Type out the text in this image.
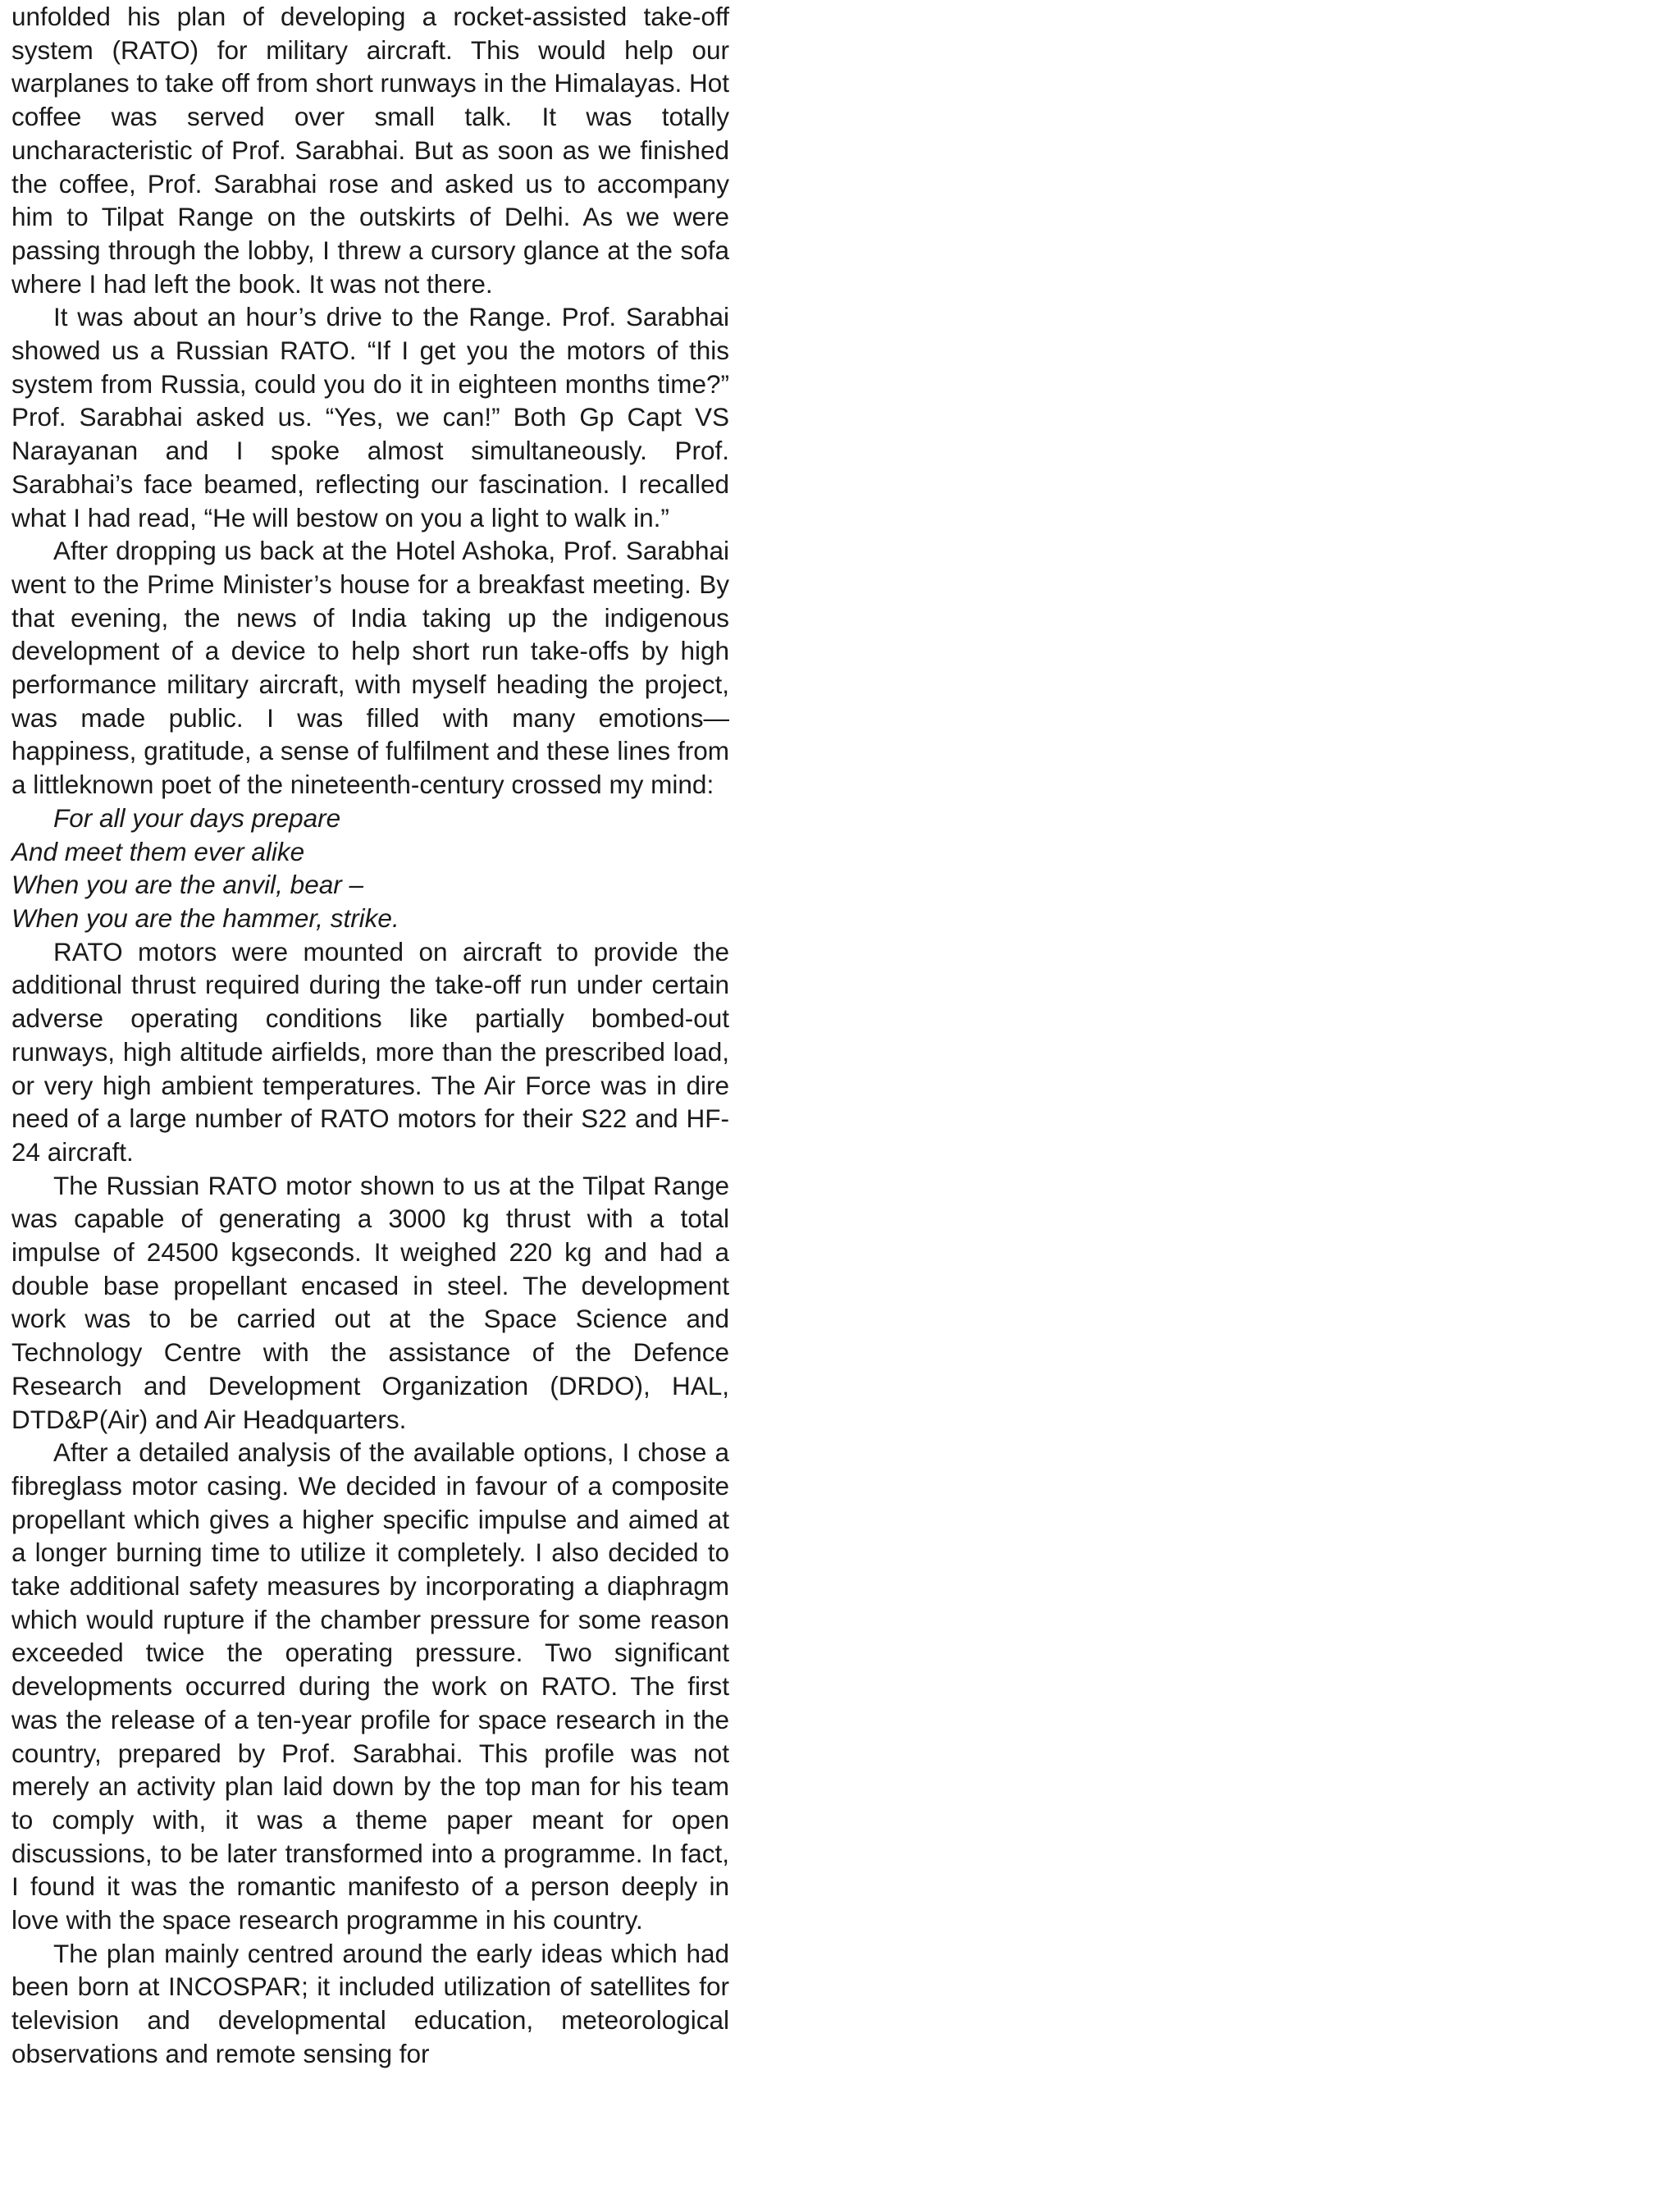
unfolded his plan of developing a rocket-assisted take-off system (RATO) for military aircraft. This would help our warplanes to take off from short runways in the Himalayas. Hot coffee was served over small talk. It was totally uncharacteristic of Prof. Sarabhai. But as soon as we finished the coffee, Prof. Sarabhai rose and asked us to accompany him to Tilpat Range on the outskirts of Delhi. As we were passing through the lobby, I threw a cursory glance at the sofa where I had left the book. It was not there.

It was about an hour’s drive to the Range. Prof. Sarabhai showed us a Russian RATO. “If I get you the motors of this system from Russia, could you do it in eighteen months time?” Prof. Sarabhai asked us. “Yes, we can!” Both Gp Capt VS Narayanan and I spoke almost simultaneously. Prof. Sarabhai’s face beamed, reflecting our fascination. I recalled what I had read, “He will bestow on you a light to walk in.”

After dropping us back at the Hotel Ashoka, Prof. Sarabhai went to the Prime Minister’s house for a breakfast meeting. By that evening, the news of India taking up the indigenous development of a device to help short run take-offs by high performance military aircraft, with myself heading the project, was made public. I was filled with many emotions— happiness, gratitude, a sense of fulfilment and these lines from a littleknown poet of the nineteenth-century crossed my mind:

For all your days prepare
And meet them ever alike
When you are the anvil, bear –
When you are the hammer, strike.

RATO motors were mounted on aircraft to provide the additional thrust required during the take-off run under certain adverse operating conditions like partially bombed-out runways, high altitude airfields, more than the prescribed load, or very high ambient temperatures. The Air Force was in dire need of a large number of RATO motors for their S22 and HF-24 aircraft.

The Russian RATO motor shown to us at the Tilpat Range was capable of generating a 3000 kg thrust with a total impulse of 24500 kgseconds. It weighed 220 kg and had a double base propellant encased in steel. The development work was to be carried out at the Space Science and Technology Centre with the assistance of the Defence Research and Development Organization (DRDO), HAL, DTD&P(Air) and Air Headquarters.

After a detailed analysis of the available options, I chose a fibreglass motor casing. We decided in favour of a composite propellant which gives a higher specific impulse and aimed at a longer burning time to utilize it completely. I also decided to take additional safety measures by incorporating a diaphragm which would rupture if the chamber pressure for some reason exceeded twice the operating pressure. Two significant developments occurred during the work on RATO. The first was the release of a ten-year profile for space research in the country, prepared by Prof. Sarabhai. This profile was not merely an activity plan laid down by the top man for his team to comply with, it was a theme paper meant for open discussions, to be later transformed into a programme. In fact, I found it was the romantic manifesto of a person deeply in love with the space research programme in his country.

The plan mainly centred around the early ideas which had been born at INCOSPAR; it included utilization of satellites for television and developmental education, meteorological observations and remote sensing for
